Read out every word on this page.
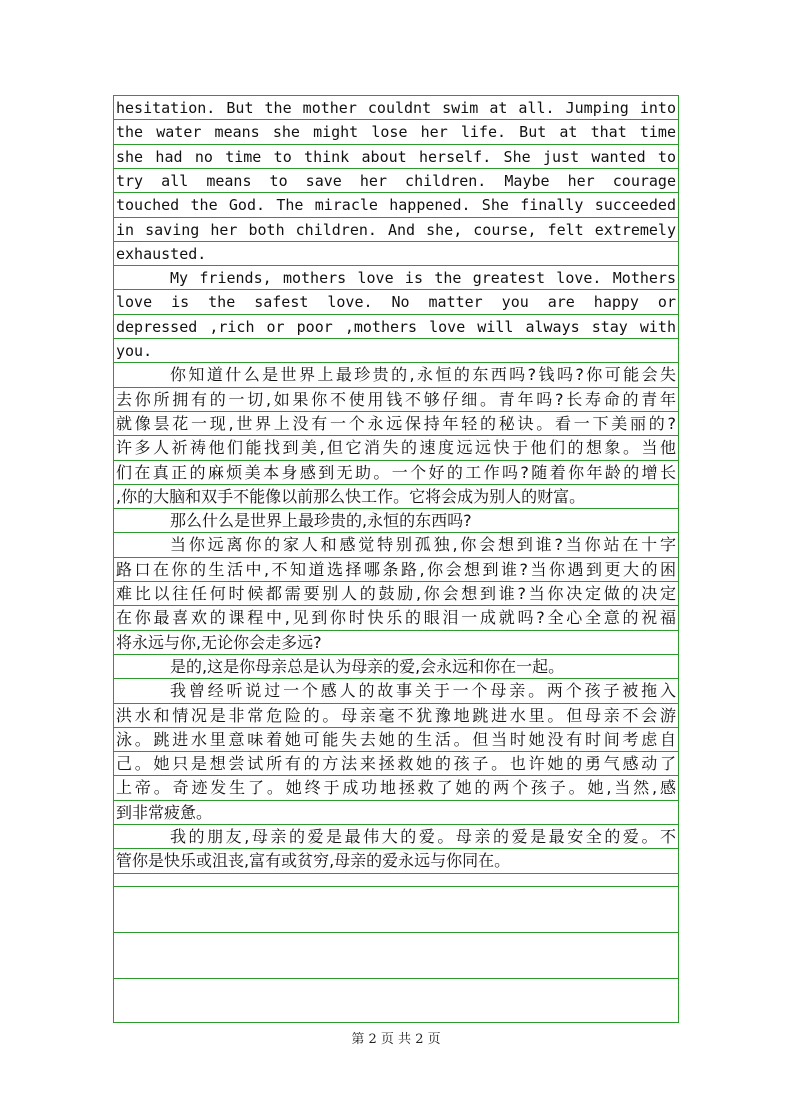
hesitation. But the mother couldnt swim at all. Jumping into
the water means she might lose her life. But at that time
she had no time to think about herself. She just wanted to
try all means to save her children. Maybe her courage
touched the God. The miracle happened. She finally succeeded
in saving her both children. And she, course, felt extremely
exhausted.
My friends, mothers love is the greatest love. Mothers
love is the safest love. No matter you are happy or
depressed ,rich or poor ,mothers love will always stay with
you.
你知道什么是世界上最珍贵的,永恒的东西吗?钱吗?你可能会失
去你所拥有的一切,如果你不使用钱不够仔细。青年吗?长寿命的青年
就像昙花一现,世界上没有一个永远保持年轻的秘诀。看一下美丽的?
许多人祈祷他们能找到美,但它消失的速度远远快于他们的想象。当他
们在真正的麻烦美本身感到无助。一个好的工作吗?随着你年龄的增长
,你的大脑和双手不能像以前那么快工作。它将会成为别人的财富。
那么什么是世界上最珍贵的,永恒的东西吗?
当你远离你的家人和感觉特别孤独,你会想到谁?当你站在十字
路口在你的生活中,不知道选择哪条路,你会想到谁?当你遇到更大的困
难比以往任何时候都需要别人的鼓励,你会想到谁?当你决定做的决定
在你最喜欢的课程中,见到你时快乐的眼泪一成就吗?全心全意的祝福
将永远与你,无论你会走多远?
是的,这是你母亲总是认为母亲的爱,会永远和你在一起。
我曾经听说过一个感人的故事关于一个母亲。两个孩子被拖入
洪水和情况是非常危险的。母亲毫不犹豫地跳进水里。但母亲不会游
泳。跳进水里意味着她可能失去她的生活。但当时她没有时间考虑自
己。她只是想尝试所有的方法来拯救她的孩子。也许她的勇气感动了
上帝。奇迹发生了。她终于成功地拯救了她的两个孩子。她,当然,感
到非常疲惫。
我的朋友,母亲的爱是最伟大的爱。母亲的爱是最安全的爱。不
管你是快乐或沮丧,富有或贫穷,母亲的爱永远与你同在。
第 2 页 共 2 页
